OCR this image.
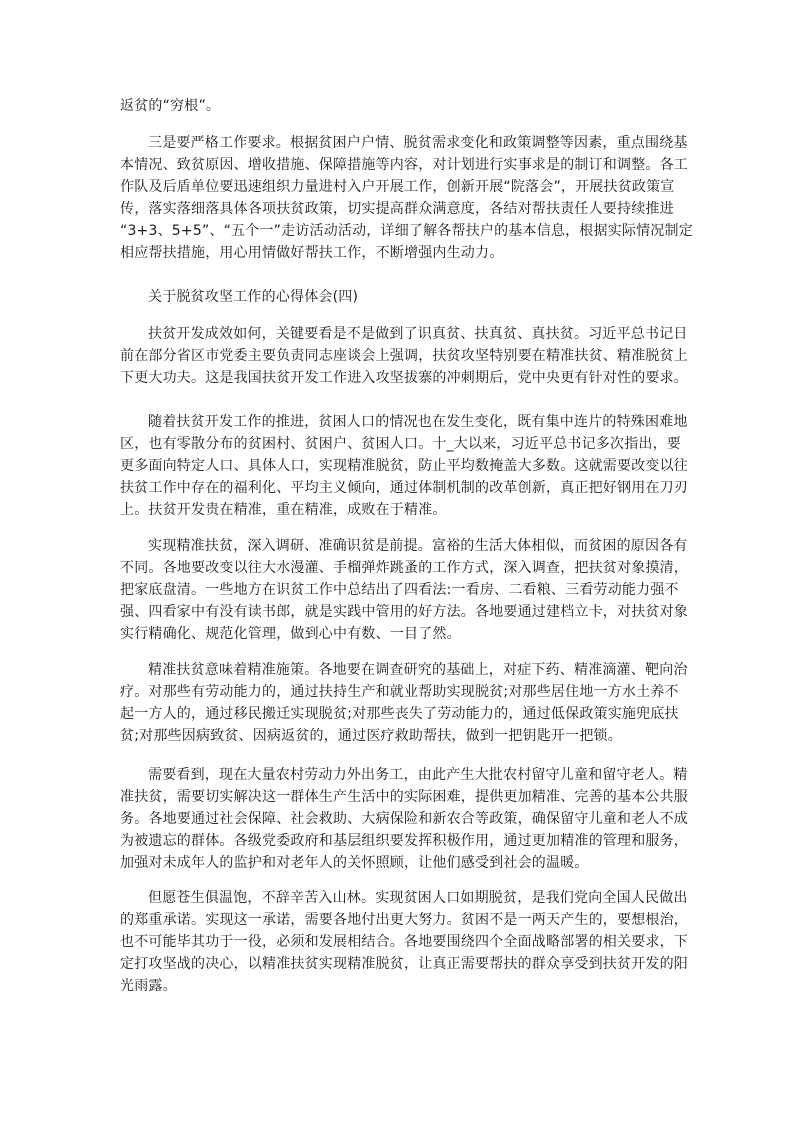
返贫的“穷根”。

三是要严格工作要求。根据贫困户户情、脱贫需求变化和政策调整等因素，重点围绕基
本情况、致贫原因、增收措施、保障措施等内容，对计划进行实事求是的制订和调整。各工
作队及后盾单位要迅速组织力量进村入户开展工作，创新开展“院落会”，开展扶贫政策宣
传，落实落细落具体各项扶贫政策，切实提高群众满意度，各结对帮扶责任人要持续推进
“3+3、5+5”、“五个一”走访活动活动，详细了解各帮扶户的基本信息，根据实际情况制定
相应帮扶措施，用心用情做好帮扶工作，不断增强内生动力。

关于脱贫攻坚工作的心得体会(四)

扶贫开发成效如何，关键要看是不是做到了识真贫、扶真贫、真扶贫。习近平总书记日
前在部分省区市党委主要负责同志座谈会上强调，扶贫攻坚特别要在精准扶贫、精准脱贫上
下更大功夫。这是我国扶贫开发工作进入攻坚拔寨的冲刺期后，党中央更有针对性的要求。

随着扶贫开发工作的推进，贫困人口的情况也在发生变化，既有集中连片的特殊困难地
区，也有零散分布的贫困村、贫困户、贫困人口。十_大以来，习近平总书记多次指出，要
更多面向特定人口、具体人口，实现精准脱贫，防止平均数掩盖大多数。这就需要改变以往
扶贫工作中存在的福利化、平均主义倾向，通过体制机制的改革创新，真正把好钢用在刀刃
上。扶贫开发贵在精准，重在精准，成败在于精准。

实现精准扶贫，深入调研、准确识贫是前提。富裕的生活大体相似，而贫困的原因各有
不同。各地要改变以往大水漫灌、手榴弹炸跳蚤的工作方式，深入调查，把扶贫对象摸清，
把家底盘清。一些地方在识贫工作中总结出了四看法:一看房、二看粮、三看劳动能力强不
强、四看家中有没有读书郎，就是实践中管用的好方法。各地要通过建档立卡，对扶贫对象
实行精确化、规范化管理，做到心中有数、一目了然。

精准扶贫意味着精准施策。各地要在调查研究的基础上，对症下药、精准滴灌、靶向治
疗。对那些有劳动能力的，通过扶持生产和就业帮助实现脱贫;对那些居住地一方水土养不
起一方人的，通过移民搬迁实现脱贫;对那些丧失了劳动能力的，通过低保政策实施兜底扶
贫;对那些因病致贫、因病返贫的，通过医疗救助帮扶，做到一把钥匙开一把锁。

需要看到，现在大量农村劳动力外出务工，由此产生大批农村留守儿童和留守老人。精
准扶贫，需要切实解决这一群体生产生活中的实际困难，提供更加精准、完善的基本公共服
务。各地要通过社会保障、社会救助、大病保险和新农合等政策，确保留守儿童和老人不成
为被遗忘的群体。各级党委政府和基层组织要发挥积极作用，通过更加精准的管理和服务，
加强对未成年人的监护和对老年人的关怀照顾，让他们感受到社会的温暖。

但愿苍生俱温饱，不辞辛苦入山林。实现贫困人口如期脱贫，是我们党向全国人民做出
的郑重承诺。实现这一承诺，需要各地付出更大努力。贫困不是一两天产生的，要想根治，
也不可能毕其功于一役，必须和发展相结合。各地要围绕四个全面战略部署的相关要求，下
定打攻坚战的决心，以精准扶贫实现精准脱贫，让真正需要帮扶的群众享受到扶贫开发的阳
光雨露。
